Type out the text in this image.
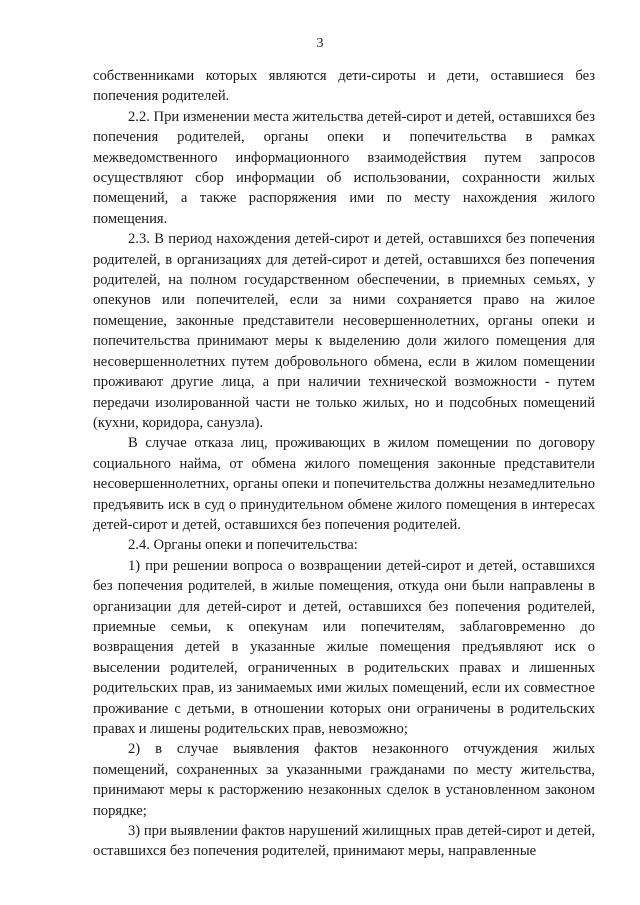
3

собственниками которых являются дети-сироты и дети, оставшиеся без попечения родителей.

2.2. При изменении места жительства детей-сирот и детей, оставшихся без попечения родителей, органы опеки и попечительства в рамках межведомственного информационного взаимодействия путем запросов осуществляют сбор информации об использовании, сохранности жилых помещений, а также распоряжения ими по месту нахождения жилого помещения.

2.3. В период нахождения детей-сирот и детей, оставшихся без попечения родителей, в организациях для детей-сирот и детей, оставшихся без попечения родителей, на полном государственном обеспечении, в приемных семьях, у опекунов или попечителей, если за ними сохраняется право на жилое помещение, законные представители несовершеннолетних, органы опеки и попечительства принимают меры к выделению доли жилого помещения для несовершеннолетних путем добровольного обмена, если в жилом помещении проживают другие лица, а при наличии технической возможности - путем передачи изолированной части не только жилых, но и подсобных помещений (кухни, коридора, санузла).

В случае отказа лиц, проживающих в жилом помещении по договору социального найма, от обмена жилого помещения законные представители несовершеннолетних, органы опеки и попечительства должны незамедлительно предъявить иск в суд о принудительном обмене жилого помещения в интересах детей-сирот и детей, оставшихся без попечения родителей.

2.4. Органы опеки и попечительства:

1) при решении вопроса о возвращении детей-сирот и детей, оставшихся без попечения родителей, в жилые помещения, откуда они были направлены в организации для детей-сирот и детей, оставшихся без попечения родителей, приемные семьи, к опекунам или попечителям, заблаговременно до возвращения детей в указанные жилые помещения предъявляют иск о выселении родителей, ограниченных в родительских правах и лишенных родительских прав, из занимаемых ими жилых помещений, если их совместное проживание с детьми, в отношении которых они ограничены в родительских правах и лишены родительских прав, невозможно;

2) в случае выявления фактов незаконного отчуждения жилых помещений, сохраненных за указанными гражданами по месту жительства, принимают меры к расторжению незаконных сделок в установленном законом порядке;

3) при выявлении фактов нарушений жилищных прав детей-сирот и детей, оставшихся без попечения родителей, принимают меры, направленные
